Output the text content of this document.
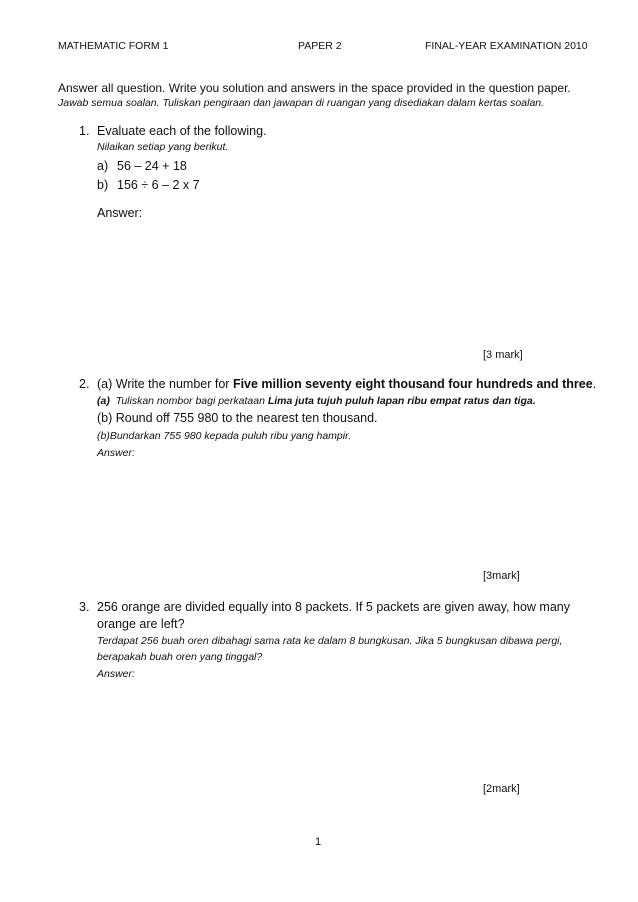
MATHEMATIC FORM 1	PAPER 2	FINAL-YEAR EXAMINATION 2010
Answer all question. Write you solution and answers in the space provided in the question paper.
Jawab semua soalan. Tuliskan pengiraan dan jawapan di ruangan yang disediakan dalam kertas soalan.
1. Evaluate each of the following.
Nilaikan setiap yang berikut.
a) 56 – 24 + 18
b) 156 ÷ 6 – 2 x 7
Answer:
[3 mark]
2. (a) Write the number for Five million seventy eight thousand four hundreds and three.
(a) Tuliskan nombor bagi perkataan Lima juta tujuh puluh lapan ribu empat ratus dan tiga.
(b) Round off 755 980 to the nearest ten thousand.
(b)Bundarkan 755 980 kepada puluh ribu yang hampir.
Answer:
[3mark]
3. 256 orange are divided equally into 8 packets. If 5 packets are given away, how many
orange are left?
Terdapat 256 buah oren dibahagi sama rata ke dalam 8 bungkusan. Jika 5 bungkusan dibawa pergi,
berapakah buah oren yang tinggal?
Answer:
[2mark]
1
